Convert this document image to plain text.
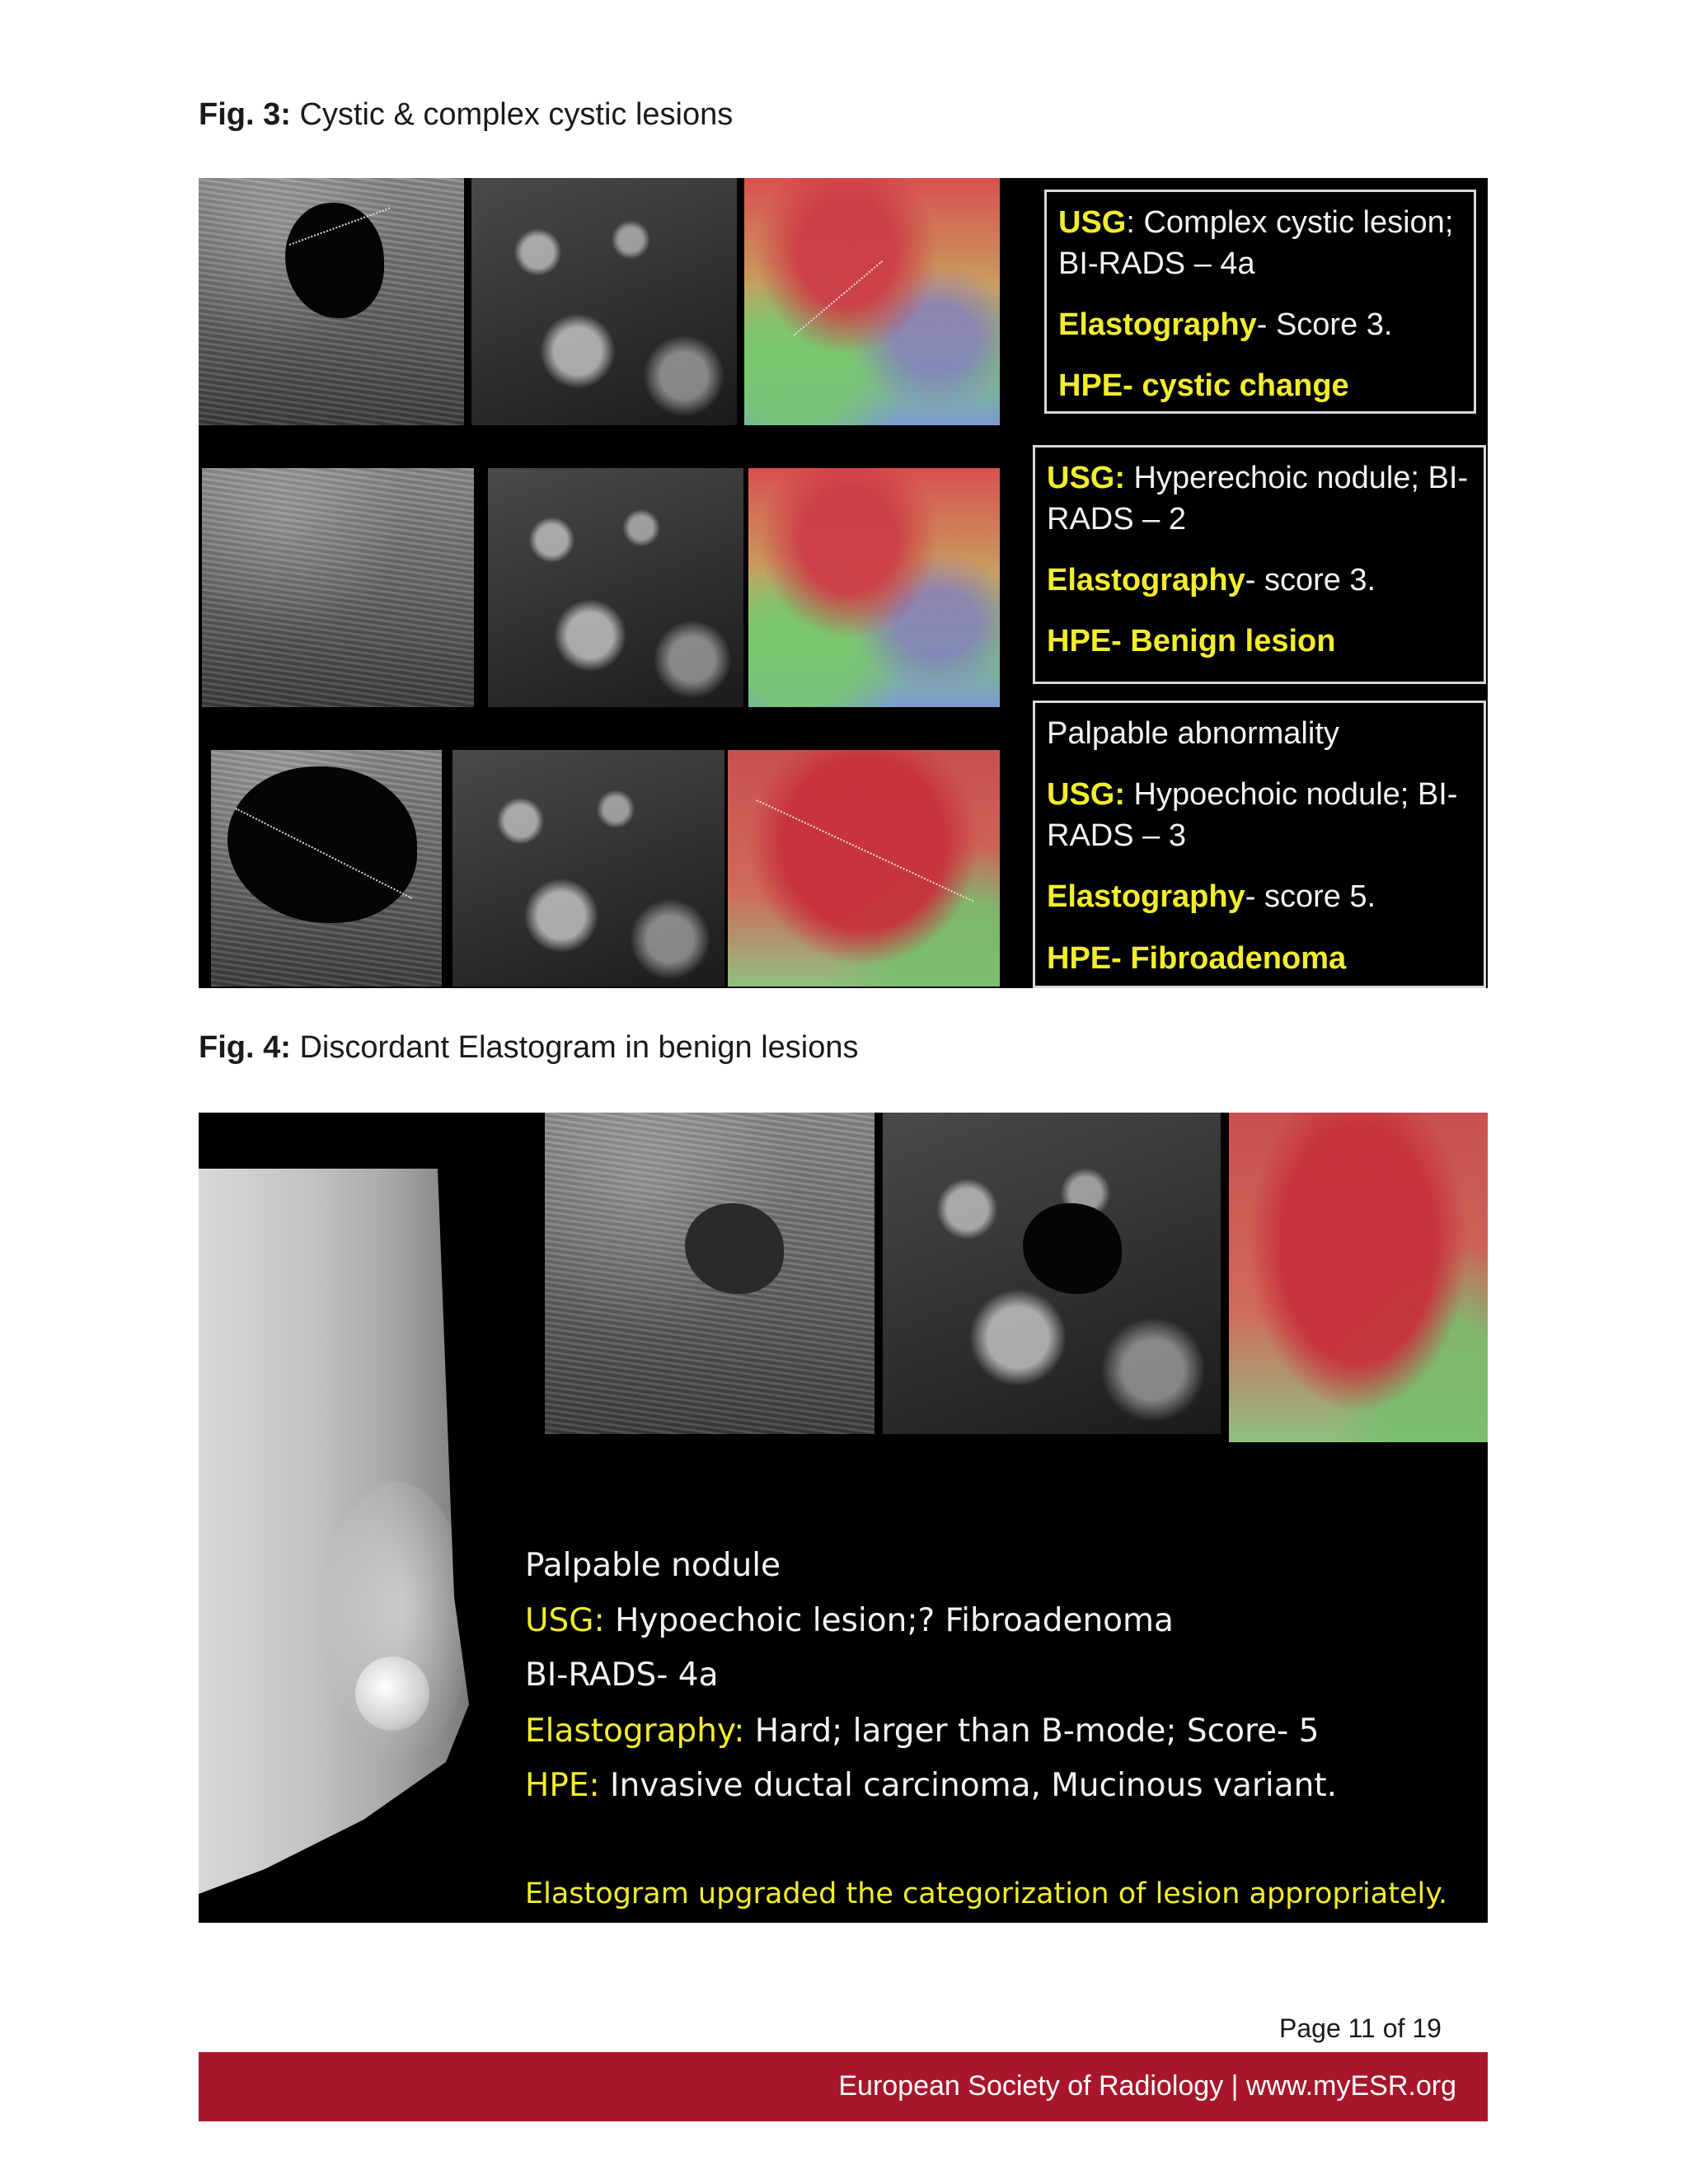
Fig. 3: Cystic & complex cystic lesions

USG: Complex cystic lesion; BI-RADS – 4a

Elastography- Score 3.

HPE- cystic change

USG: Hyperechoic nodule; BI-RADS – 2

Elastography- score 3.

HPE- Benign lesion

Palpable abnormality

USG: Hypoechoic nodule; BI-RADS – 3

Elastography- score 5.

HPE- Fibroadenoma

Fig. 4: Discordant Elastogram in benign lesions
Palpable nodule
USG: Hypoechoic lesion;? Fibroadenoma
BI-RADS- 4a
Elastography: Hard; larger than B-mode; Score- 5
HPE: Invasive ductal carcinoma, Mucinous variant.
Elastogram upgraded the categorization of lesion appropriately.
Page 11 of 19
European Society of Radiology | www.myESR.org
